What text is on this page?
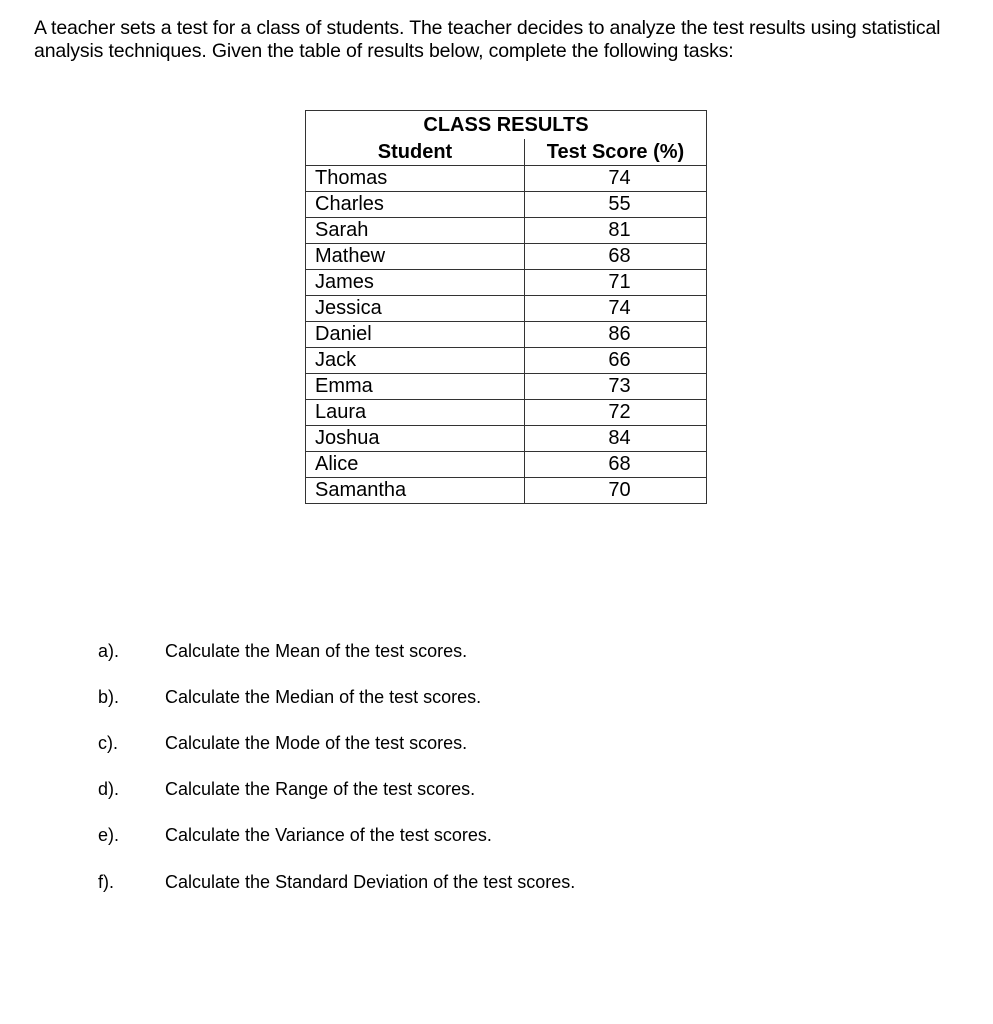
A teacher sets a test for a class of students. The teacher decides to analyze the test results using statistical analysis techniques. Given the table of results below, complete the following tasks:
CLASS RESULTS	
Student	Test Score (%)
Thomas	74
Charles	55
Sarah	81
Mathew	68
James	71
Jessica	74
Daniel	86
Jack	66
Emma	73
Laura	72
Joshua	84
Alice	68
Samantha	70
a).	Calculate the Mean of the test scores.
b).	Calculate the Median of the test scores.
c).	Calculate the Mode of the test scores.
d).	Calculate the Range of the test scores.
e).	Calculate the Variance of the test scores.
f).	Calculate the Standard Deviation of the test scores.
